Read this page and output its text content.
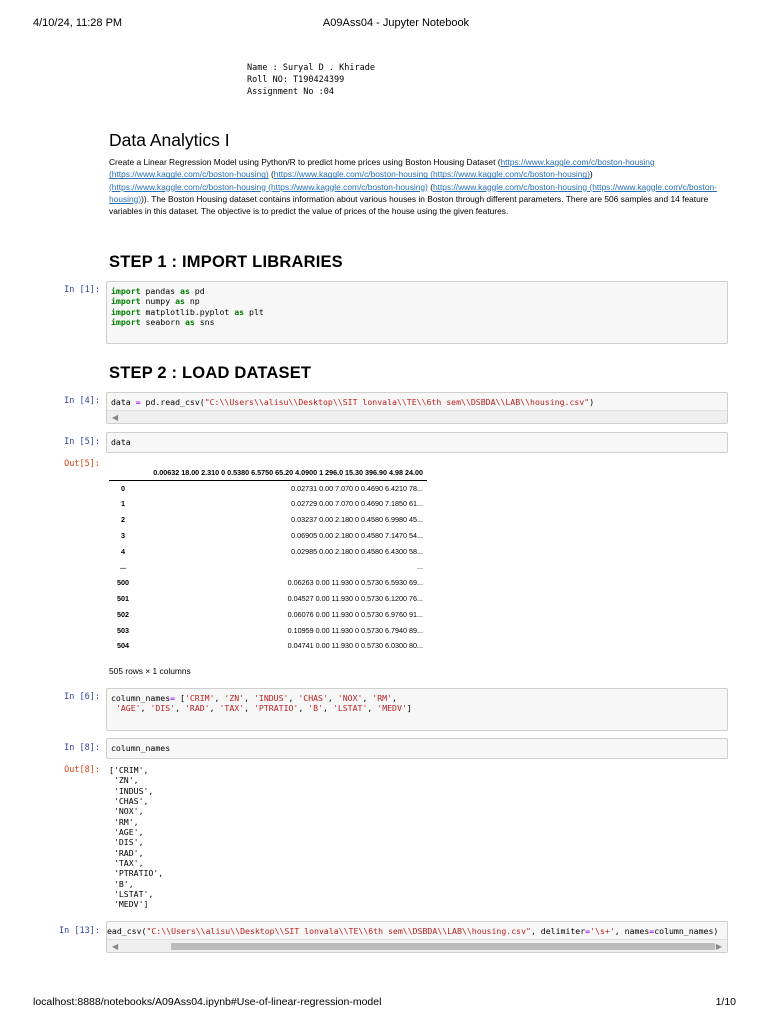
4/10/24, 11:28 PM	A09Ass04 - Jupyter Notebook
Name : Suryal D . Khirade
Roll NO: T190424399
Assignment No :04
Data Analytics I

Create a Linear Regression Model using Python/R to predict home prices using Boston Housing Dataset (https://www.kaggle.com/c/boston-housing (https://www.kaggle.com/c/boston-housing) (https://www.kaggle.com/c/boston-housing (https://www.kaggle.com/c/boston-housing)) (https://www.kaggle.com/c/boston-housing (https://www.kaggle.com/c/boston-housing) (https://www.kaggle.com/c/boston-housing (https://www.kaggle.com/c/boston-housing))). The Boston Housing dataset contains information about various houses in Boston through different parameters. There are 506 samples and 14 feature variables in this dataset. The objective is to predict the value of prices of the house using the given features.

STEP 1 : IMPORT LIBRARIES
In [1]:	import pandas as pd
import numpy as np
import matplotlib.pyplot as plt
import seaborn as sns
STEP 2 : LOAD DATASET
In [4]:	data = pd.read_csv("C:\\Users\\alisu\\Desktop\\SIT lonvala\\TE\\6th sem\\DSBDA\\LAB\\housing.csv")
◀
In [5]:	data
Out[5]:
	0.00632 18.00 2.310 0 0.5380 6.5750 65.20 4.0900 1 296.0 15.30 396.90 4.98 24.00
0	0.02731 0.00 7.070 0 0.4690 6.4210 78...
1	0.02729 0.00 7.070 0 0.4690 7.1850 61...
2	0.03237 0.00 2.180 0 0.4580 6.9980 45...
3	0.06905 0.00 2.180 0 0.4580 7.1470 54...
4	0.02985 0.00 2.180 0 0.4580 6.4300 58...
...	...
500	0.06263 0.00 11.930 0 0.5730 6.5930 69...
501	0.04527 0.00 11.930 0 0.5730 6.1200 76...
502	0.06076 0.00 11.930 0 0.5730 6.9760 91...
503	0.10959 0.00 11.930 0 0.5730 6.7940 89...
504	0.04741 0.00 11.930 0 0.5730 6.0300 80...
505 rows × 1 columns
In [6]:	column_names= ['CRIM', 'ZN', 'INDUS', 'CHAS', 'NOX', 'RM',
'AGE', 'DIS', 'RAD', 'TAX', 'PTRATIO', 'B', 'LSTAT', 'MEDV']
In [8]:	column_names
Out[8]: ['CRIM',
'ZN',
'INDUS',
'CHAS',
'NOX',
'RM',
'AGE',
'DIS',
'RAD',
'TAX',
'PTRATIO',
'B',
'LSTAT',
'MEDV']
In [13]: ead_csv("C:\\Users\\alisu\\Desktop\\SIT lonvala\\TE\\6th sem\\DSBDA\\LAB\\housing.csv", delimiter='\s+', names=column_names)
◀	▶
localhost:8888/notebooks/A09Ass04.ipynb#Use-of-linear-regression-model	1/10
